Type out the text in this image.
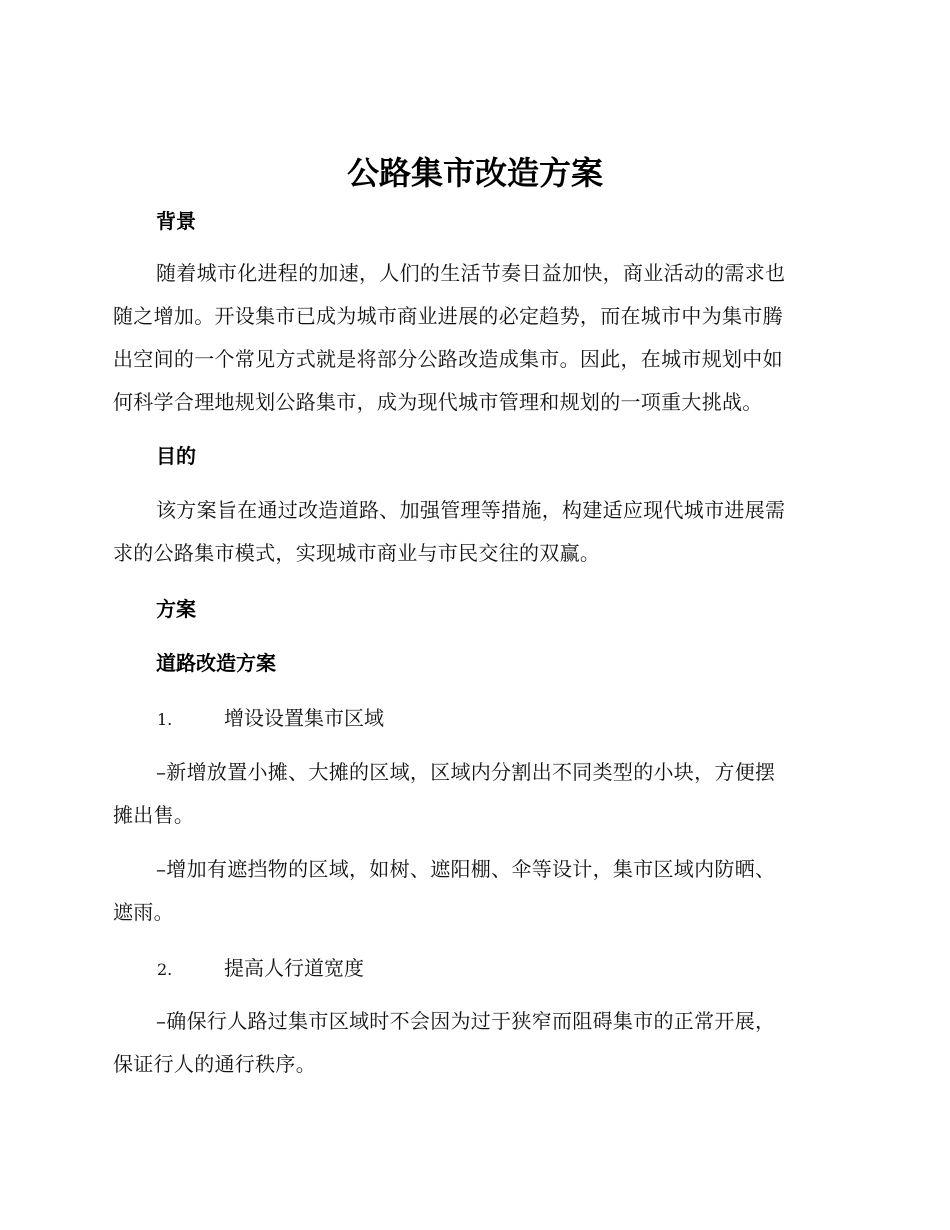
公路集市改造方案
背景
随着城市化进程的加速，人们的生活节奏日益加快，商业活动的需求也
随之增加。开设集市已成为城市商业进展的必定趋势，而在城市中为集市腾
出空间的一个常见方式就是将部分公路改造成集市。因此，在城市规划中如
何科学合理地规划公路集市，成为现代城市管理和规划的一项重大挑战。
目的
该方案旨在通过改造道路、加强管理等措施，构建适应现代城市进展需
求的公路集市模式，实现城市商业与市民交往的双赢。
方案
道路改造方案
1.	增设设置集市区域
–新增放置小摊、大摊的区域，区域内分割出不同类型的小块，方便摆
摊出售。
–增加有遮挡物的区域，如树、遮阳棚、伞等设计，集市区域内防晒、
遮雨。
2.	提高人行道宽度
–确保行人路过集市区域时不会因为过于狭窄而阻碍集市的正常开展，
保证行人的通行秩序。
